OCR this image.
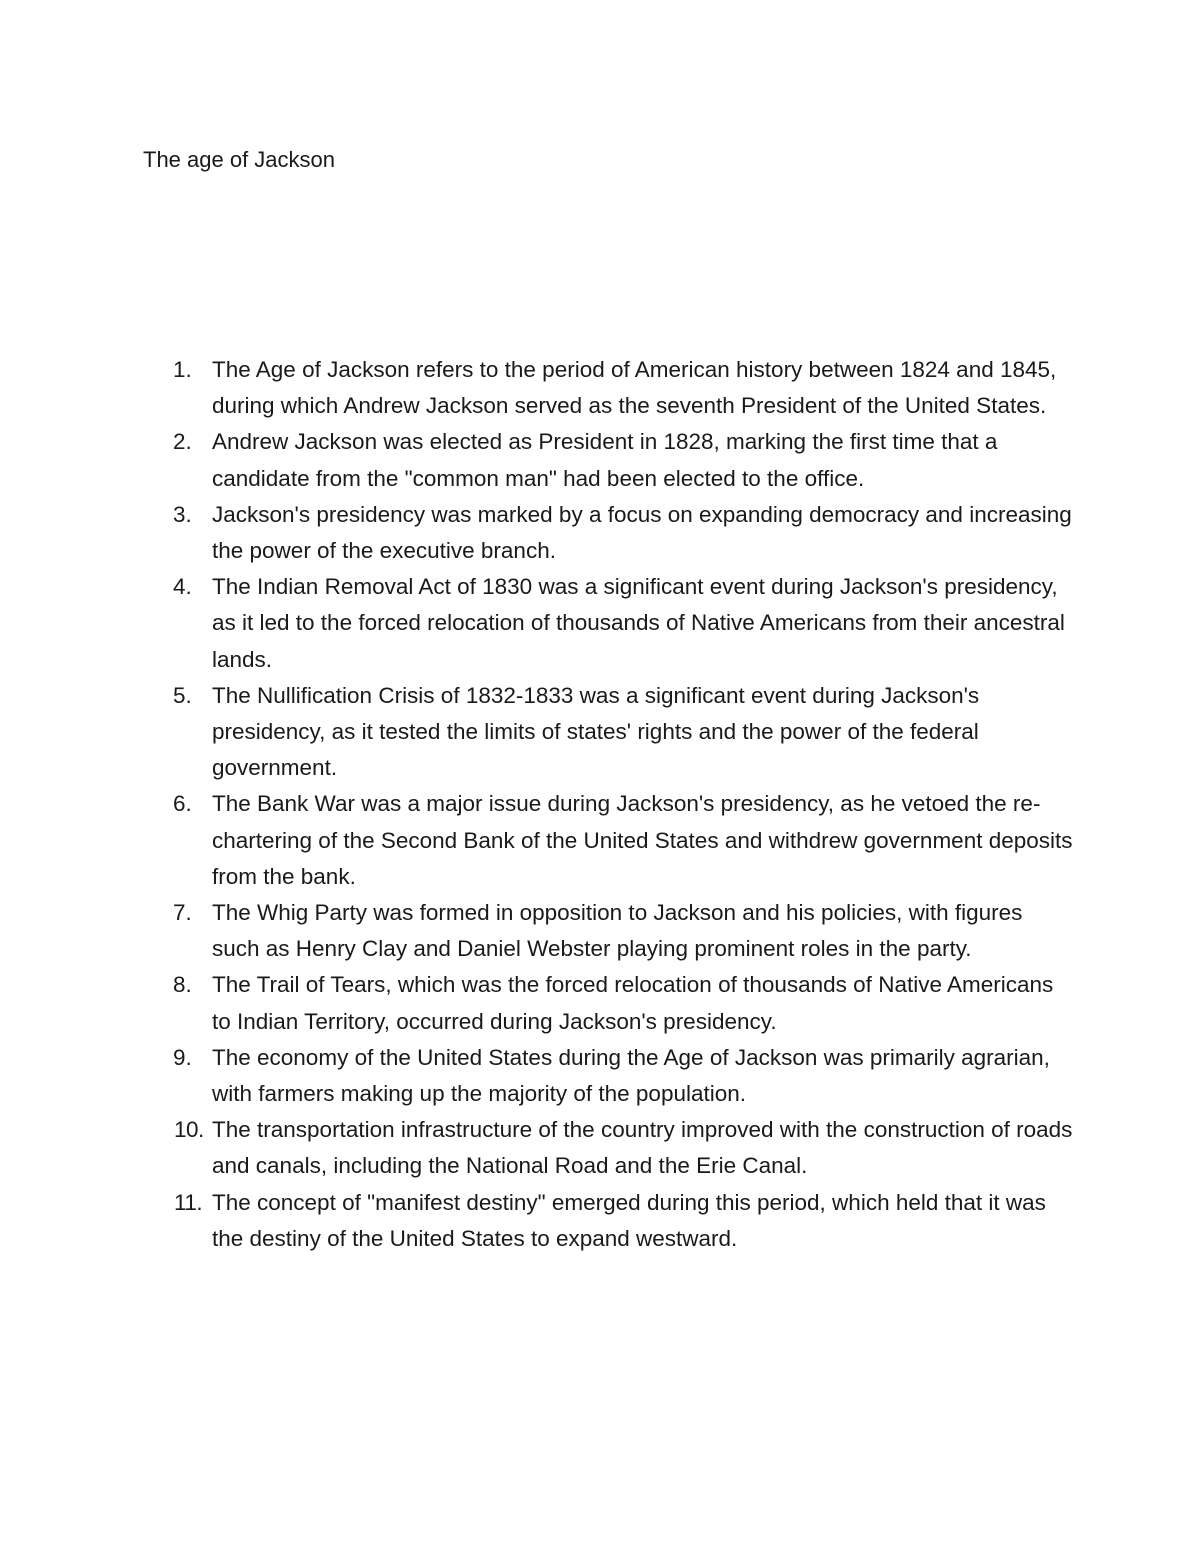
The age of Jackson
1. The Age of Jackson refers to the period of American history between 1824 and 1845, during which Andrew Jackson served as the seventh President of the United States.
2. Andrew Jackson was elected as President in 1828, marking the first time that a candidate from the "common man" had been elected to the office.
3. Jackson's presidency was marked by a focus on expanding democracy and increasing the power of the executive branch.
4. The Indian Removal Act of 1830 was a significant event during Jackson's presidency, as it led to the forced relocation of thousands of Native Americans from their ancestral lands.
5. The Nullification Crisis of 1832-1833 was a significant event during Jackson's presidency, as it tested the limits of states' rights and the power of the federal government.
6. The Bank War was a major issue during Jackson's presidency, as he vetoed the re-chartering of the Second Bank of the United States and withdrew government deposits from the bank.
7. The Whig Party was formed in opposition to Jackson and his policies, with figures such as Henry Clay and Daniel Webster playing prominent roles in the party.
8. The Trail of Tears, which was the forced relocation of thousands of Native Americans to Indian Territory, occurred during Jackson's presidency.
9. The economy of the United States during the Age of Jackson was primarily agrarian, with farmers making up the majority of the population.
10. The transportation infrastructure of the country improved with the construction of roads and canals, including the National Road and the Erie Canal.
11. The concept of "manifest destiny" emerged during this period, which held that it was the destiny of the United States to expand westward.
